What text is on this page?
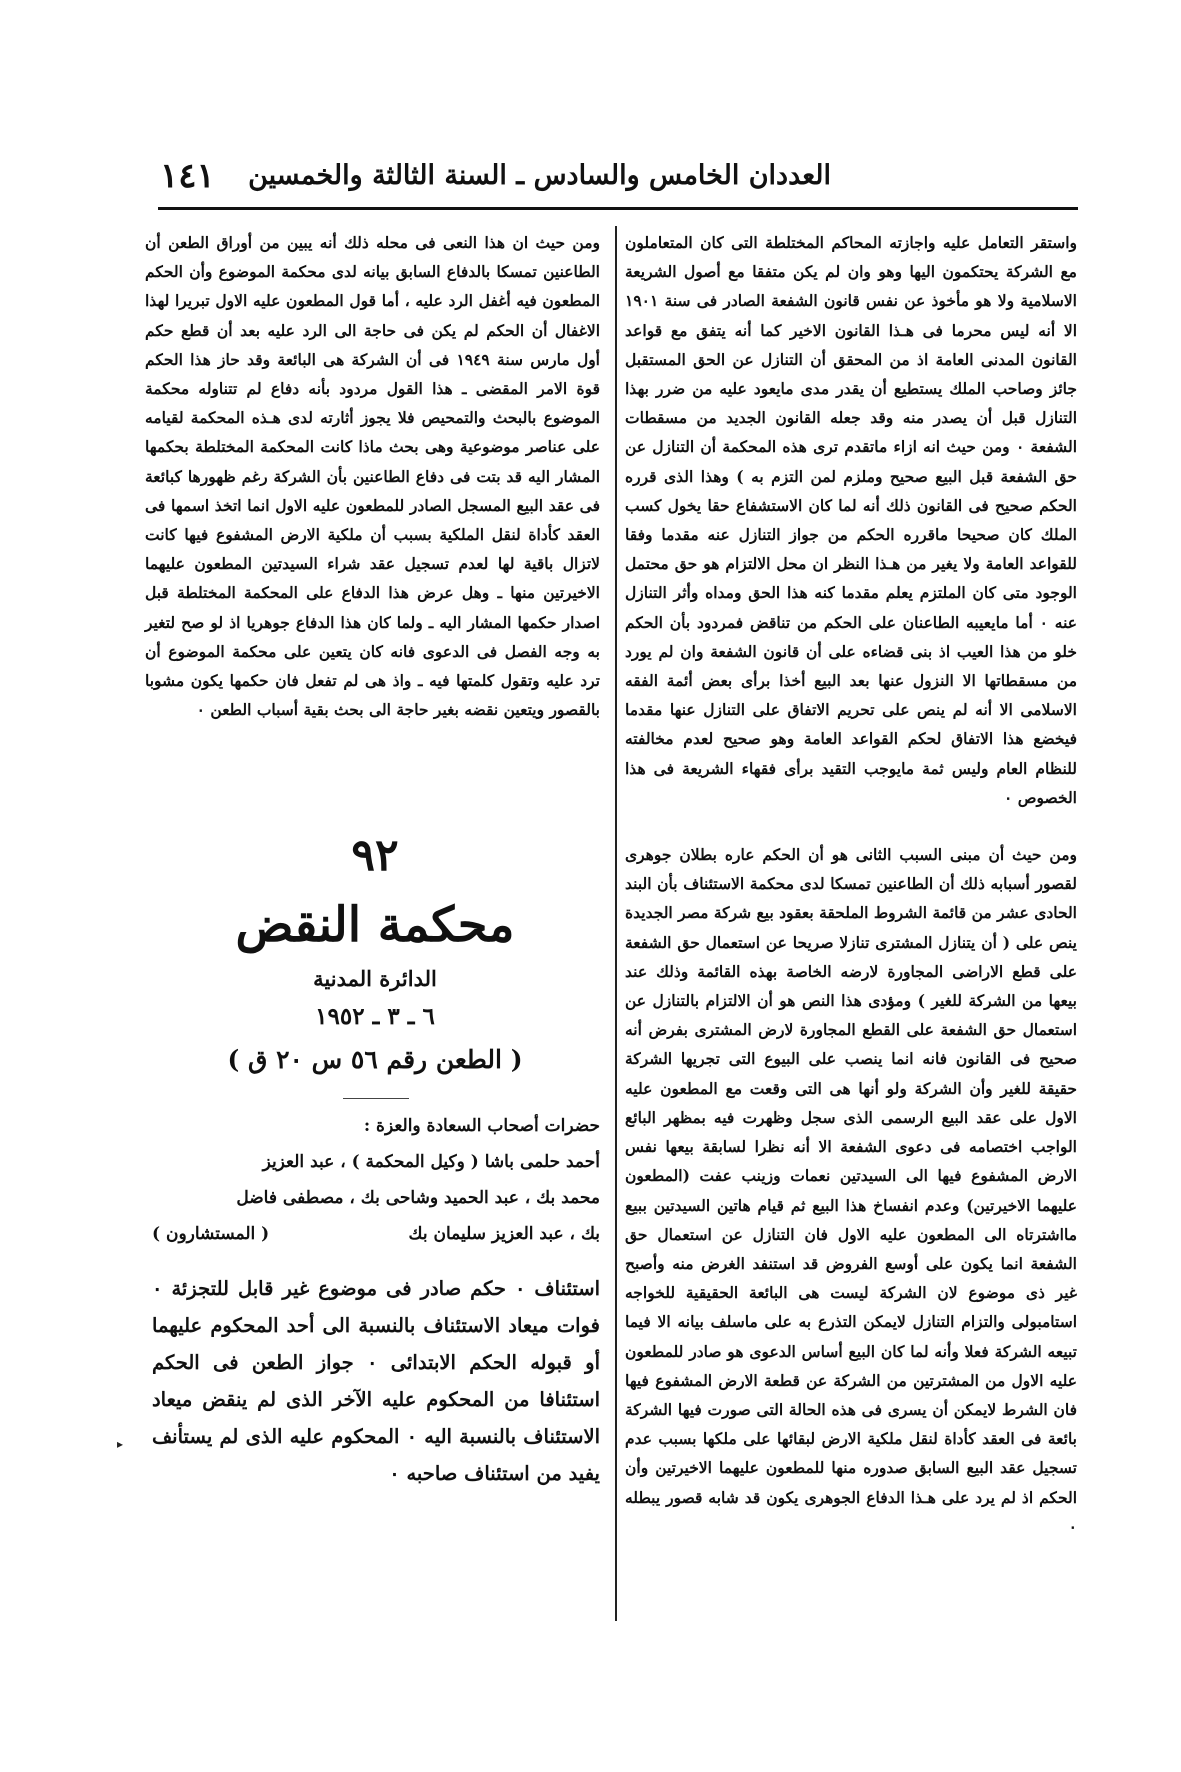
١٤١ العددان الخامس والسادس ـ السنة الثالثة والخمسين

واستقر التعامل عليه واجازته المحاكم المختلطة التى كان المتعاملون مع الشركة يحتكمون اليها وهو وان لم يكن متفقا مع أصول الشريعة الاسلامية ولا هو مأخوذ عن نفس قانون الشفعة الصادر فى سنة ١٩٠١ الا أنه ليس محرما فى هـذا القانون الاخير كما أنه يتفق مع قواعد القانون المدنى العامة اذ من المحقق أن التنازل عن الحق المستقبل جائز وصاحب الملك يستطيع أن يقدر مدى مايعود عليه من ضرر بهذا التنازل قبل أن يصدر منه وقد جعله القانون الجديد من مسقطات الشفعة ٠ ومن حيث انه ازاء ماتقدم ترى هذه المحكمة أن التنازل عن حق الشفعة قبل البيع صحيح وملزم لمن التزم به ) وهذا الذى قرره الحكم صحيح فى القانون ذلك أنه لما كان الاستشفاع حقا يخول كسب الملك كان صحيحا ماقرره الحكم من جواز التنازل عنه مقدما وفقا للقواعد العامة ولا يغير من هـذا النظر ان محل الالتزام هو حق محتمل الوجود متى كان الملتزم يعلم مقدما كنه هذا الحق ومداه وأثر التنازل عنه ٠ أما مايعيبه الطاعنان على الحكم من تناقض فمردود بأن الحكم خلو من هذا العيب اذ بنى قضاءه على أن قانون الشفعة وان لم يورد من مسقطاتها الا النزول عنها بعد البيع أخذا برأى بعض أئمة الفقه الاسلامى الا أنه لم ينص على تحريم الاتفاق على التنازل عنها مقدما فيخضع هذا الاتفاق لحكم القواعد العامة وهو صحيح لعدم مخالفته للنظام العام وليس ثمة مايوجب التقيد برأى فقهاء الشريعة فى هذا الخصوص ٠

ومن حيث أن مبنى السبب الثانى هو أن الحكم عاره بطلان جوهرى لقصور أسبابه ذلك أن الطاعنين تمسكا لدى محكمة الاستئناف بأن البند الحادى عشر من قائمة الشروط الملحقة بعقود بيع شركة مصر الجديدة ينص على ( أن يتنازل المشترى تنازلا صريحا عن استعمال حق الشفعة على قطع الاراضى المجاورة لارضه الخاصة بهذه القائمة وذلك عند بيعها من الشركة للغير ) ومؤدى هذا النص هو أن الالتزام بالتنازل عن استعمال حق الشفعة على القطع المجاورة لارض المشترى بفرض أنه صحيح فى القانون فانه انما ينصب على البيوع التى تجريها الشركة حقيقة للغير وأن الشركة ولو أنها هى التى وقعت مع المطعون عليه الاول على عقد البيع الرسمى الذى سجل وظهرت فيه بمظهر البائع الواجب اختصامه فى دعوى الشفعة الا أنه نظرا لسابقة بيعها نفس الارض المشفوع فيها الى السيدتين نعمات وزينب عفت (المطعون عليهما الاخيرتين) وعدم انفساخ هذا البيع ثم قيام هاتين السيدتين ببيع مااشترتاه الى المطعون عليه الاول فان التنازل عن استعمال حق الشفعة انما يكون على أوسع الفروض قد استنفد الغرض منه وأصبح غير ذى موضوع لان الشركة ليست هى البائعة الحقيقية للخواجه استامبولى والتزام التنازل لايمكن التذرع به على ماسلف بيانه الا فيما تبيعه الشركة فعلا وأنه لما كان البيع أساس الدعوى هو صادر للمطعون عليه الاول من المشترتين من الشركة عن قطعة الارض المشفوع فيها فان الشرط لايمكن أن يسرى فى هذه الحالة التى صورت فيها الشركة بائعة فى العقد كأداة لنقل ملكية الارض لبقائها على ملكها بسبب عدم تسجيل عقد البيع السابق صدوره منها للمطعون عليهما الاخيرتين وأن الحكم اذ لم يرد على هـذا الدفاع الجوهرى يكون قد شابه قصور يبطله ٠

ومن حيث ان هذا النعى فى محله ذلك أنه يبين من أوراق الطعن أن الطاعنين تمسكا بالدفاع السابق بيانه لدى محكمة الموضوع وأن الحكم المطعون فيه أغفل الرد عليه ، أما قول المطعون عليه الاول تبريرا لهذا الاغفال أن الحكم لم يكن فى حاجة الى الرد عليه بعد أن قطع حكم أول مارس سنة ١٩٤٩ فى أن الشركة هى البائعة وقد حاز هذا الحكم قوة الامر المقضى ـ هذا القول مردود بأنه دفاع لم تتناوله محكمة الموضوع بالبحث والتمحيص فلا يجوز أثارته لدى هـذه المحكمة لقيامه على عناصر موضوعية وهى بحث ماذا كانت المحكمة المختلطة بحكمها المشار اليه قد بتت فى دفاع الطاعنين بأن الشركة رغم ظهورها كبائعة فى عقد البيع المسجل الصادر للمطعون عليه الاول انما اتخذ اسمها فى العقد كأداة لنقل الملكية بسبب أن ملكية الارض المشفوع فيها كانت لاتزال باقية لها لعدم تسجيل عقد شراء السيدتين المطعون عليهما الاخيرتين منها ـ وهل عرض هذا الدفاع على المحكمة المختلطة قبل اصدار حكمها المشار اليه ـ ولما كان هذا الدفاع جوهريا اذ لو صح لتغير به وجه الفصل فى الدعوى فانه كان يتعين على محكمة الموضوع أن ترد عليه وتقول كلمتها فيه ـ واذ هى لم تفعل فان حكمها يكون مشوبا بالقصور ويتعين نقضه بغير حاجة الى بحث بقية أسباب الطعن ٠

٩٢
محكمة النقض
الدائرة المدنية
٦ ـ ٣ ـ ١٩٥٢
( الطعن رقم ٥٦ س ٢٠ ق )

حضرات أصحاب السعادة والعزة :

أحمد حلمى باشا ( وكيل المحكمة ) ، عبد العزيز

محمد بك ، عبد الحميد وشاحى بك ، مصطفى فاضل

بك ، عبد العزيز سليمان بك
( المستشارون )

استئناف ٠ حكم صادر فى موضوع غير قابل للتجزئة ٠ فوات ميعاد الاستئناف بالنسبة الى أحد المحكوم عليهما أو قبوله الحكم الابتدائى ٠ جواز الطعن فى الحكم استئنافا من المحكوم عليه الآخر الذى لم ينقض ميعاد الاستئناف بالنسبة اليه ٠ المحكوم عليه الذى لم يستأنف يفيد من استئناف صاحبه ٠

▸
